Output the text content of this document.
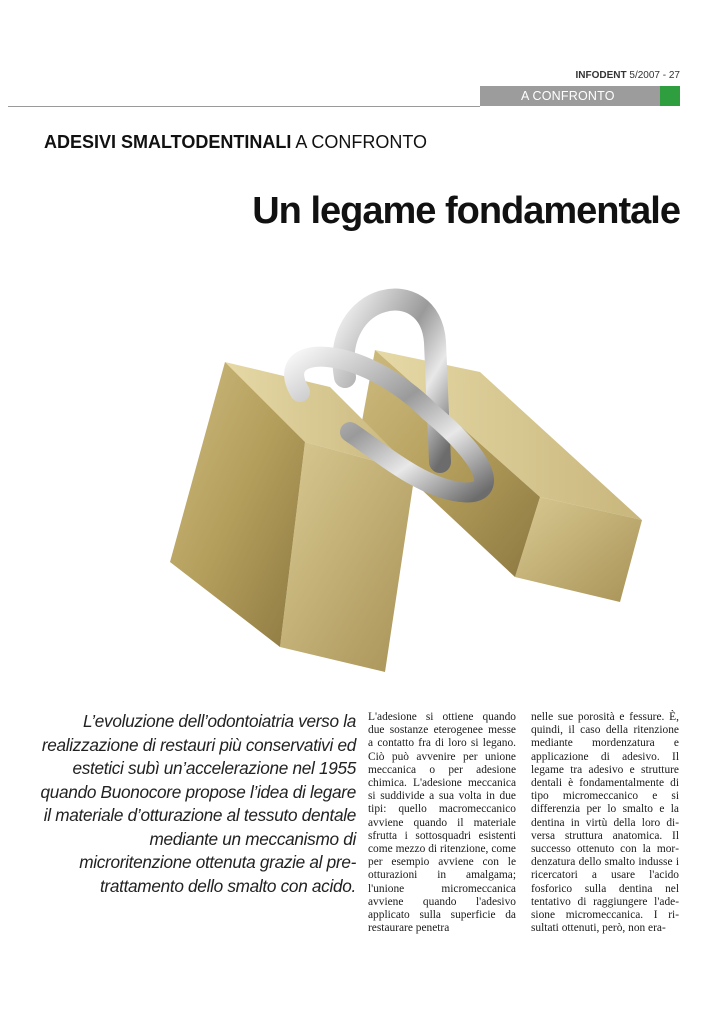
INFODENT 5/2007 - 27
A CONFRONTO
ADESIVI SMALTODENTINALI A CONFRONTO
Un legame fondamentale
L’evoluzione dell’odontoiatria verso la realizzazione di restauri più conservativi ed estetici subì un’accelerazione nel 1955 quando Buonocore propose l’idea di legare il materiale d’otturazione al tessuto dentale mediante un meccanismo di microritenzione ottenuta grazie al pre-trattamento dello smalto con acido.
L'adesione si ottiene quando due sostanze eterogenee messe a contatto fra di loro si legano. Ciò può avvenire per unione meccanica o per adesione chimica. L'adesione meccanica si suddivide a sua volta in due tipi: quello macromeccanico avviene quando il materiale sfrutta i sottosquadri esistenti come mezzo di ritenzione, come per esempio avviene con le otturazioni in amalgama; l'unione micromeccanica avviene quando l'adesivo applicato sulla superficie da restaurare penetra
nelle sue porosità e fessure. È, quindi, il caso della ritenzione mediante mordenzatura e applicazione di adesivo. Il legame tra adesivo e strutture dentali è fondamentalmente di tipo micromeccanico e si differenzia per lo smalto e la dentina in virtù della loro diversa struttura anatomica. Il successo ottenuto con la mordenzatura dello smalto indusse i ricercatori a usare l'acido fosforico sulla dentina nel tentativo di raggiungere l'adesione micromeccanica. I risultati ottenuti, però, non era-
